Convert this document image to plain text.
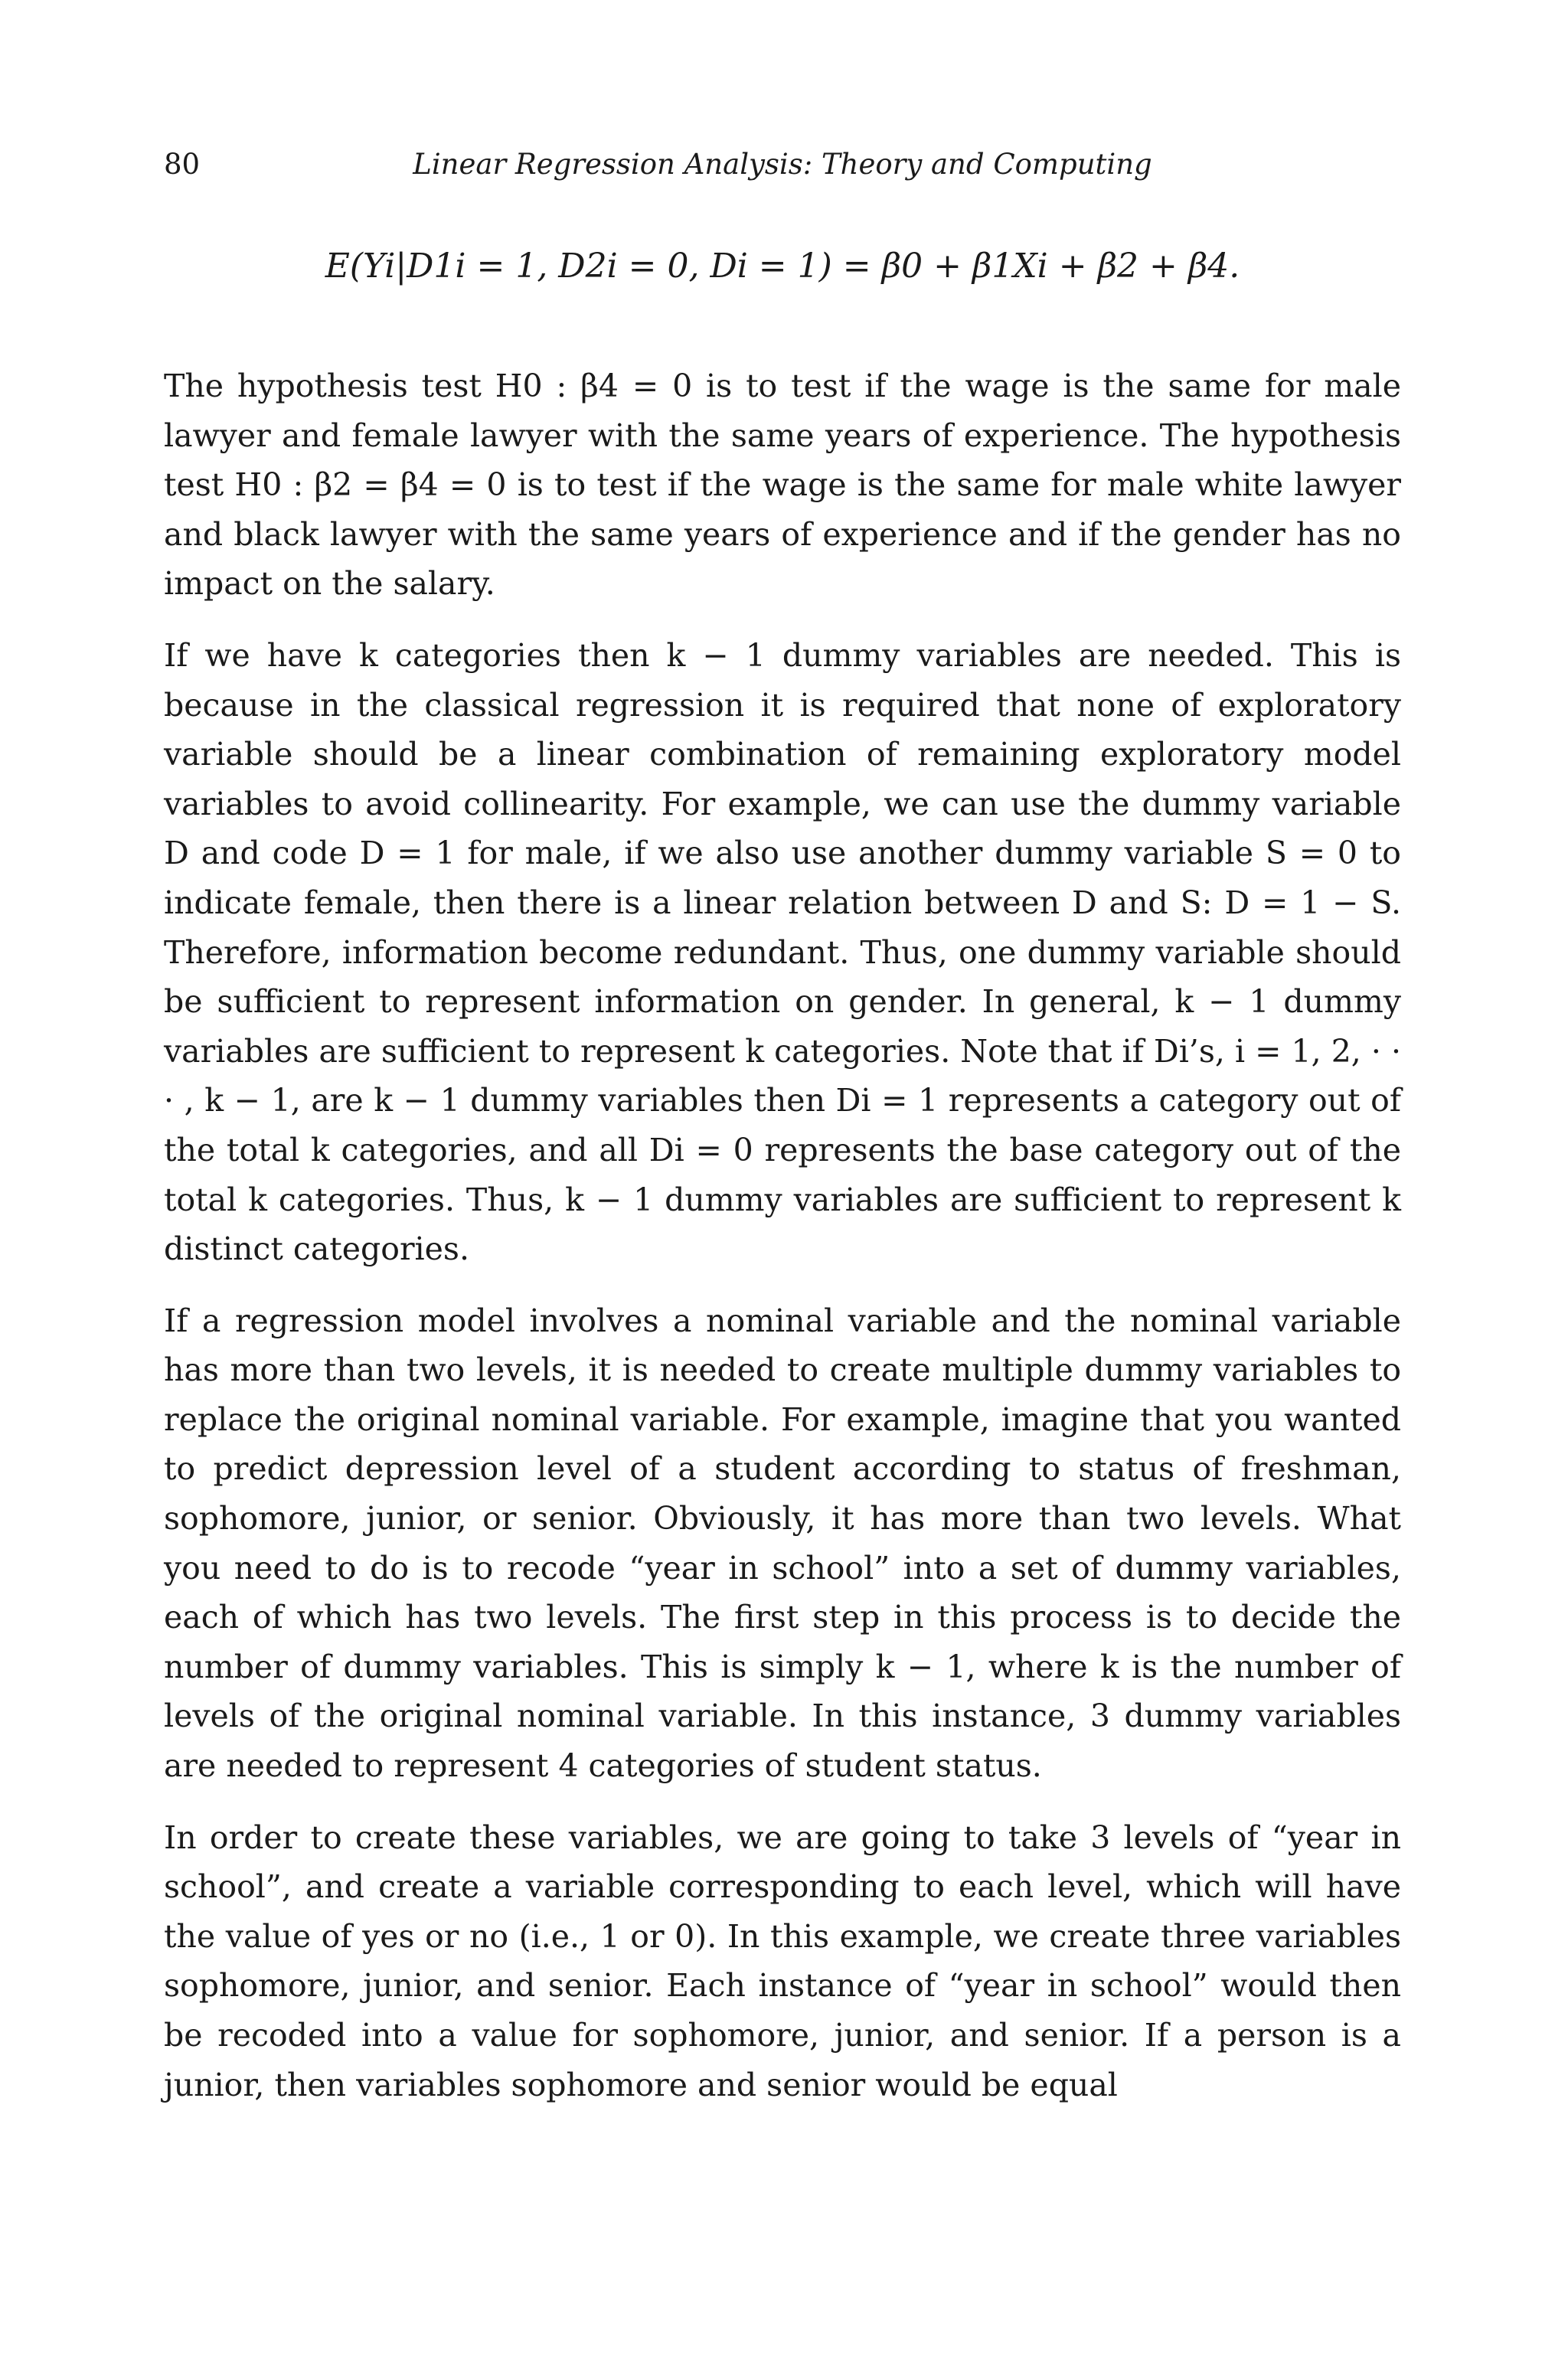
80	Linear Regression Analysis: Theory and Computing
E(Yi|D1i = 1, D2i = 0, Di = 1) = β0 + β1Xi + β2 + β4.

The hypothesis test H0 : β4 = 0 is to test if the wage is the same for male lawyer and female lawyer with the same years of experience. The hypothesis test H0 : β2 = β4 = 0 is to test if the wage is the same for male white lawyer and black lawyer with the same years of experience and if the gender has no impact on the salary.

If we have k categories then k − 1 dummy variables are needed. This is because in the classical regression it is required that none of exploratory variable should be a linear combination of remaining exploratory model variables to avoid collinearity. For example, we can use the dummy variable D and code D = 1 for male, if we also use another dummy variable S = 0 to indicate female, then there is a linear relation between D and S: D = 1 − S. Therefore, information become redundant. Thus, one dummy variable should be sufficient to represent information on gender. In general, k − 1 dummy variables are sufficient to represent k categories. Note that if Di’s, i = 1, 2, · · · , k − 1, are k − 1 dummy variables then Di = 1 represents a category out of the total k categories, and all Di = 0 represents the base category out of the total k categories. Thus, k − 1 dummy variables are sufficient to represent k distinct categories.

If a regression model involves a nominal variable and the nominal variable has more than two levels, it is needed to create multiple dummy variables to replace the original nominal variable. For example, imagine that you wanted to predict depression level of a student according to status of freshman, sophomore, junior, or senior. Obviously, it has more than two levels. What you need to do is to recode “year in school” into a set of dummy variables, each of which has two levels. The first step in this process is to decide the number of dummy variables. This is simply k − 1, where k is the number of levels of the original nominal variable. In this instance, 3 dummy variables are needed to represent 4 categories of student status.

In order to create these variables, we are going to take 3 levels of “year in school”, and create a variable corresponding to each level, which will have the value of yes or no (i.e., 1 or 0). In this example, we create three variables sophomore, junior, and senior. Each instance of “year in school” would then be recoded into a value for sophomore, junior, and senior. If a person is a junior, then variables sophomore and senior would be equal
